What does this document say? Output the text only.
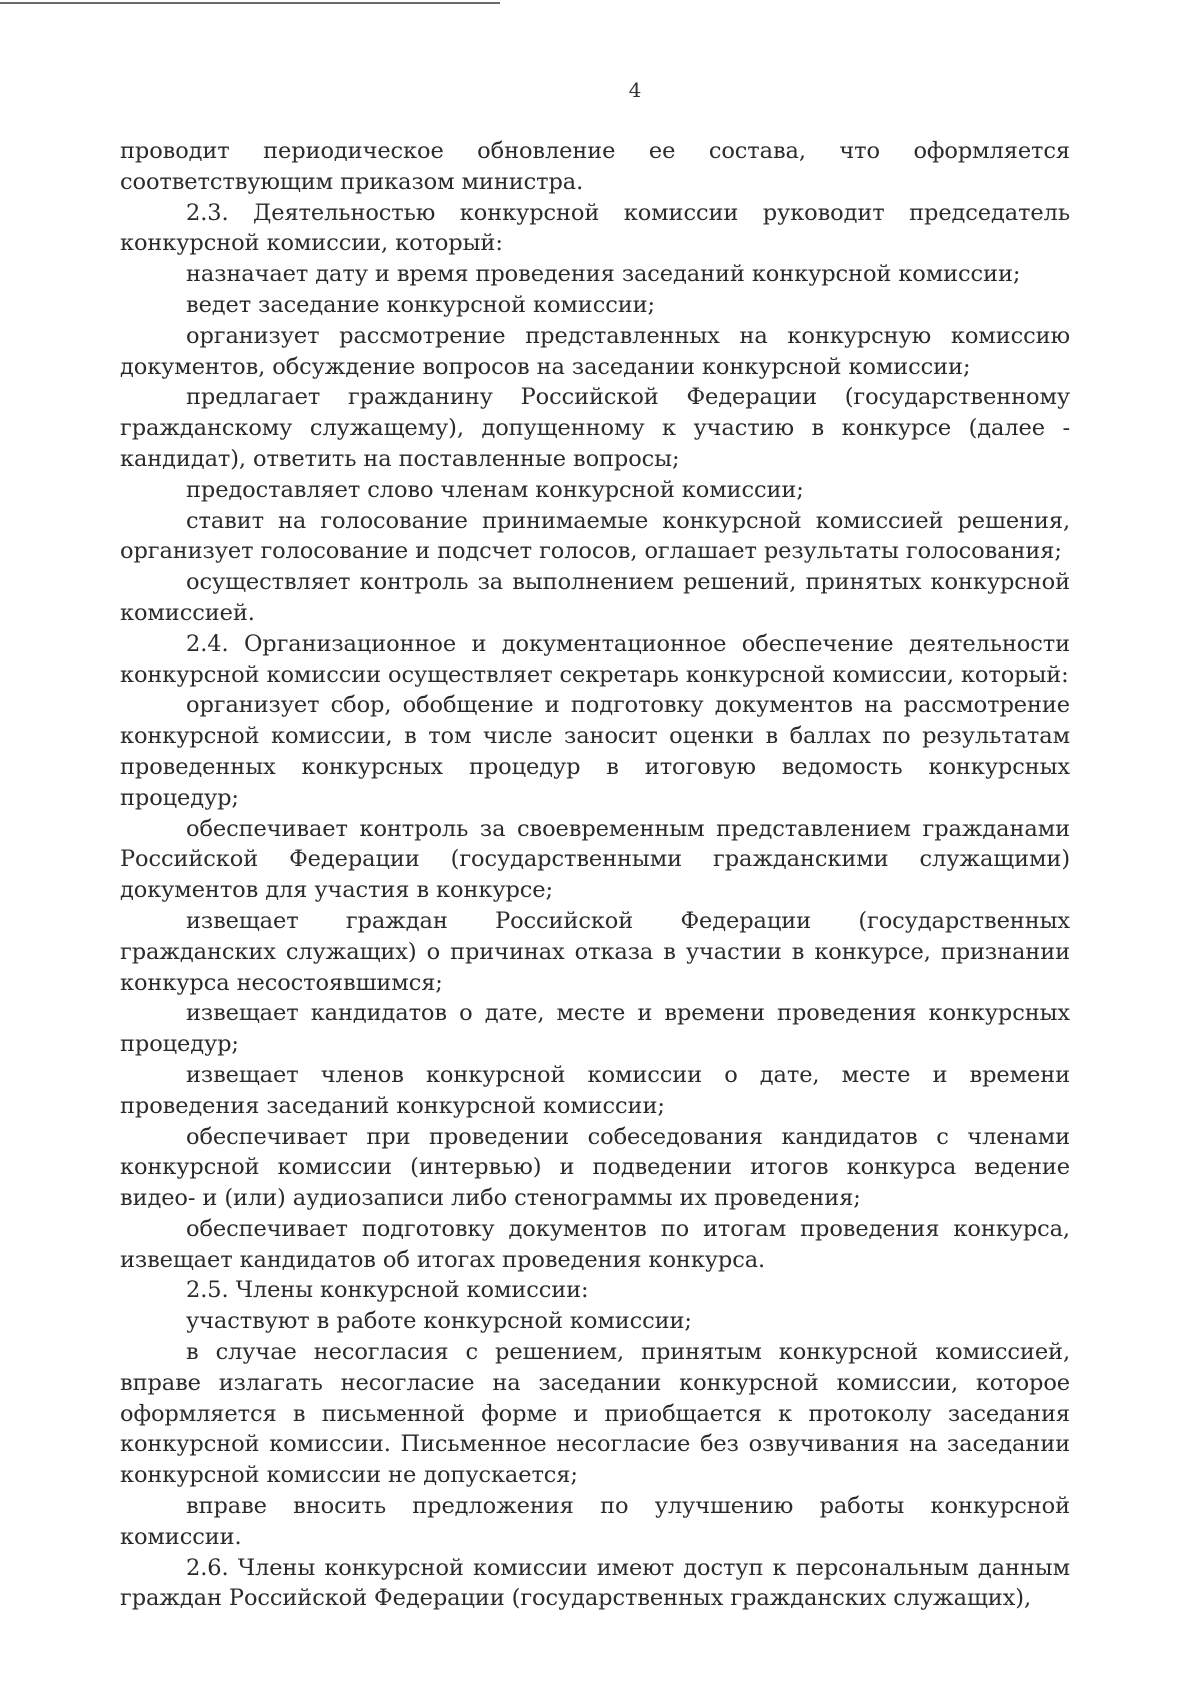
4

проводит периодическое обновление ее состава, что оформляется соответствующим приказом министра.

2.3. Деятельностью конкурсной комиссии руководит председатель конкурсной комиссии, который:

назначает дату и время проведения заседаний конкурсной комиссии;

ведет заседание конкурсной комиссии;

организует рассмотрение представленных на конкурсную комиссию документов, обсуждение вопросов на заседании конкурсной комиссии;

предлагает гражданину Российской Федерации (государственному гражданскому служащему), допущенному к участию в конкурсе (далее - кандидат), ответить на поставленные вопросы;

предоставляет слово членам конкурсной комиссии;

ставит на голосование принимаемые конкурсной комиссией решения, организует голосование и подсчет голосов, оглашает результаты голосования;

осуществляет контроль за выполнением решений, принятых конкурсной комиссией.

2.4. Организационное и документационное обеспечение деятельности конкурсной комиссии осуществляет секретарь конкурсной комиссии, который:

организует сбор, обобщение и подготовку документов на рассмотрение конкурсной комиссии, в том числе заносит оценки в баллах по результатам проведенных конкурсных процедур в итоговую ведомость конкурсных процедур;

обеспечивает контроль за своевременным представлением гражданами Российской Федерации (государственными гражданскими служащими) документов для участия в конкурсе;

извещает граждан Российской Федерации (государственных гражданских служащих) о причинах отказа в участии в конкурсе, признании конкурса несостоявшимся;

извещает кандидатов о дате, месте и времени проведения конкурсных процедур;

извещает членов конкурсной комиссии о дате, месте и времени проведения заседаний конкурсной комиссии;

обеспечивает при проведении собеседования кандидатов с членами конкурсной комиссии (интервью) и подведении итогов конкурса ведение видео- и (или) аудиозаписи либо стенограммы их проведения;

обеспечивает подготовку документов по итогам проведения конкурса, извещает кандидатов об итогах проведения конкурса.

2.5. Члены конкурсной комиссии:

участвуют в работе конкурсной комиссии;

в случае несогласия с решением, принятым конкурсной комиссией, вправе излагать несогласие на заседании конкурсной комиссии, которое оформляется в письменной форме и приобщается к протоколу заседания конкурсной комиссии. Письменное несогласие без озвучивания на заседании конкурсной комиссии не допускается;

вправе вносить предложения по улучшению работы конкурсной комиссии.

2.6. Члены конкурсной комиссии имеют доступ к персональным данным граждан Российской Федерации (государственных гражданских служащих),
